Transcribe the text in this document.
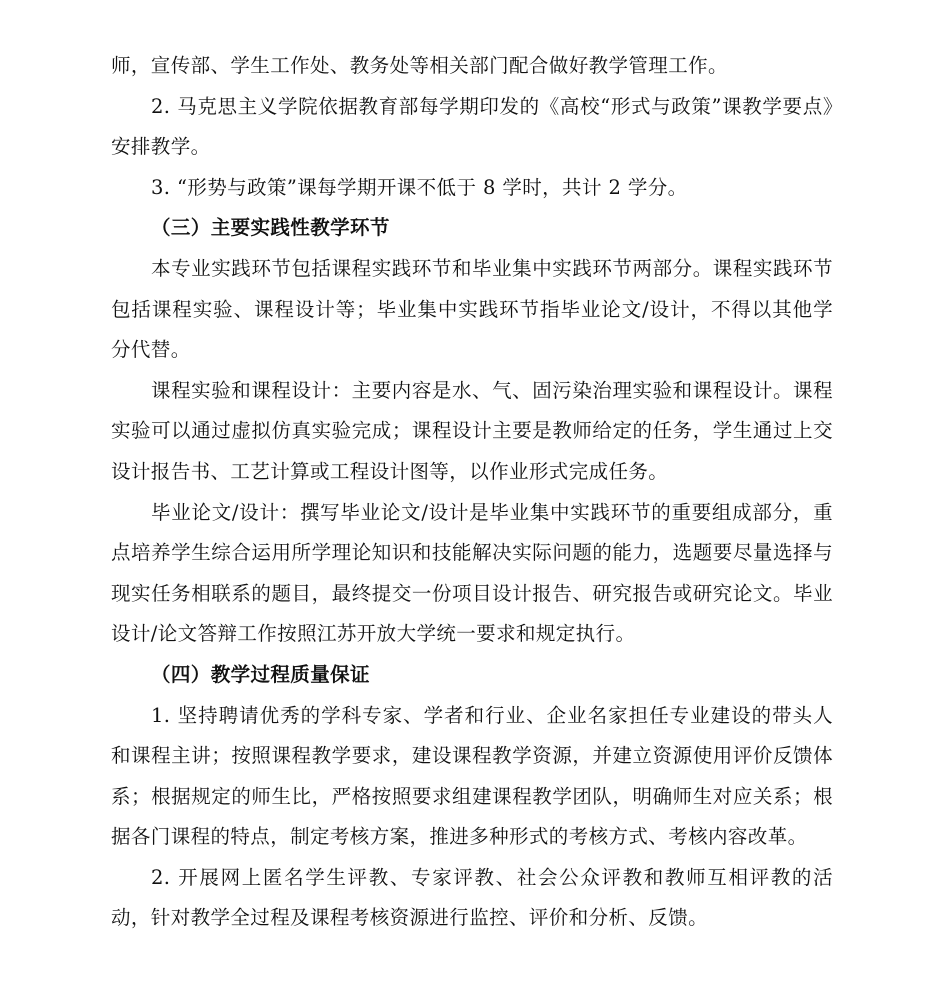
师，宣传部、学生工作处、教务处等相关部门配合做好教学管理工作。

2. 马克思主义学院依据教育部每学期印发的《高校“形式与政策”课教学要点》安排教学。

3. “形势与政策”课每学期开课不低于 8 学时，共计 2 学分。

（三）主要实践性教学环节

本专业实践环节包括课程实践环节和毕业集中实践环节两部分。课程实践环节包括课程实验、课程设计等；毕业集中实践环节指毕业论文/设计，不得以其他学分代替。

课程实验和课程设计：主要内容是水、气、固污染治理实验和课程设计。课程实验可以通过虚拟仿真实验完成；课程设计主要是教师给定的任务，学生通过上交设计报告书、工艺计算或工程设计图等，以作业形式完成任务。

毕业论文/设计：撰写毕业论文/设计是毕业集中实践环节的重要组成部分，重点培养学生综合运用所学理论知识和技能解决实际问题的能力，选题要尽量选择与现实任务相联系的题目，最终提交一份项目设计报告、研究报告或研究论文。毕业设计/论文答辩工作按照江苏开放大学统一要求和规定执行。

（四）教学过程质量保证

1. 坚持聘请优秀的学科专家、学者和行业、企业名家担任专业建设的带头人和课程主讲；按照课程教学要求，建设课程教学资源，并建立资源使用评价反馈体系；根据规定的师生比，严格按照要求组建课程教学团队，明确师生对应关系；根据各门课程的特点，制定考核方案，推进多种形式的考核方式、考核内容改革。

2. 开展网上匿名学生评教、专家评教、社会公众评教和教师互相评教的活动，针对教学全过程及课程考核资源进行监控、评价和分析、反馈。
